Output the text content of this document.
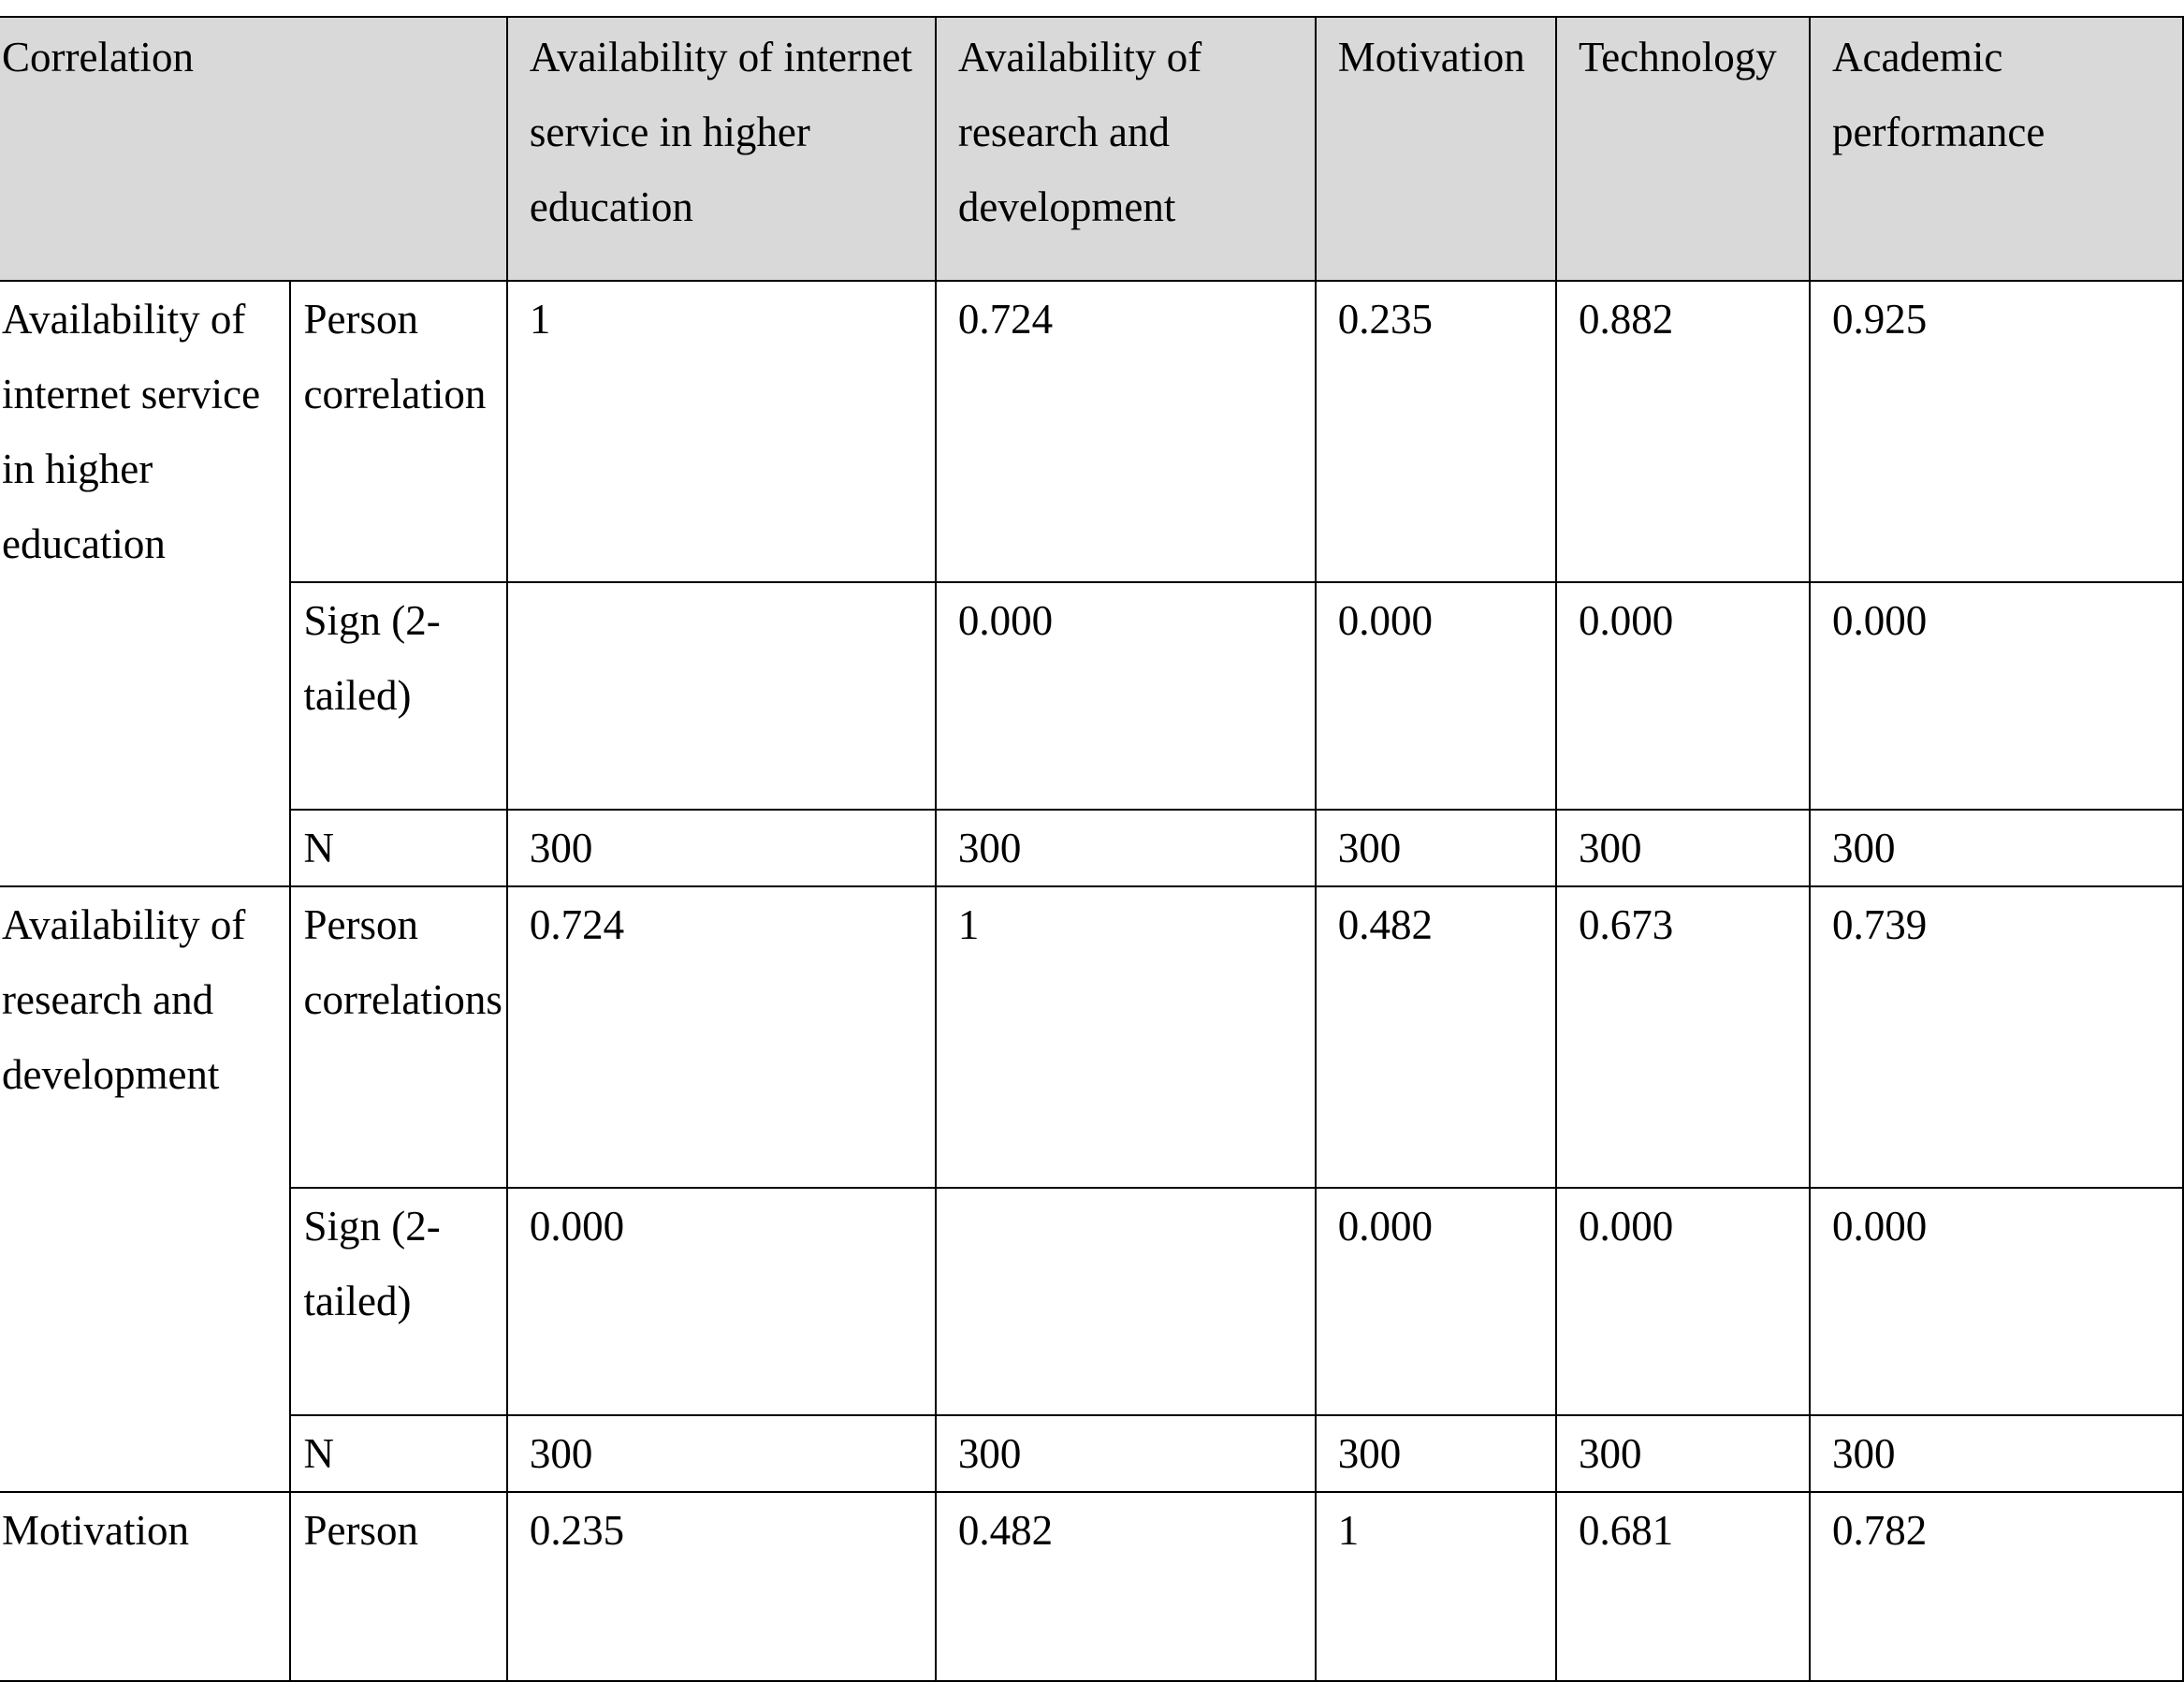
Correlation		Availability of internet service in higher education	Availability of research and development	Motivation	Technology	Academic performance
Availability of internet service in higher education	Person correlation	1	0.724	0.235	0.882	0.925
	Sign (2-tailed)		0.000	0.000	0.000	0.000
	N	300	300	300	300	300
Availability of research and development	Person correlations	0.724	1	0.482	0.673	0.739
	Sign (2-tailed)	0.000		0.000	0.000	0.000
	N	300	300	300	300	300
Motivation	Person	0.235	0.482	1	0.681	0.782
